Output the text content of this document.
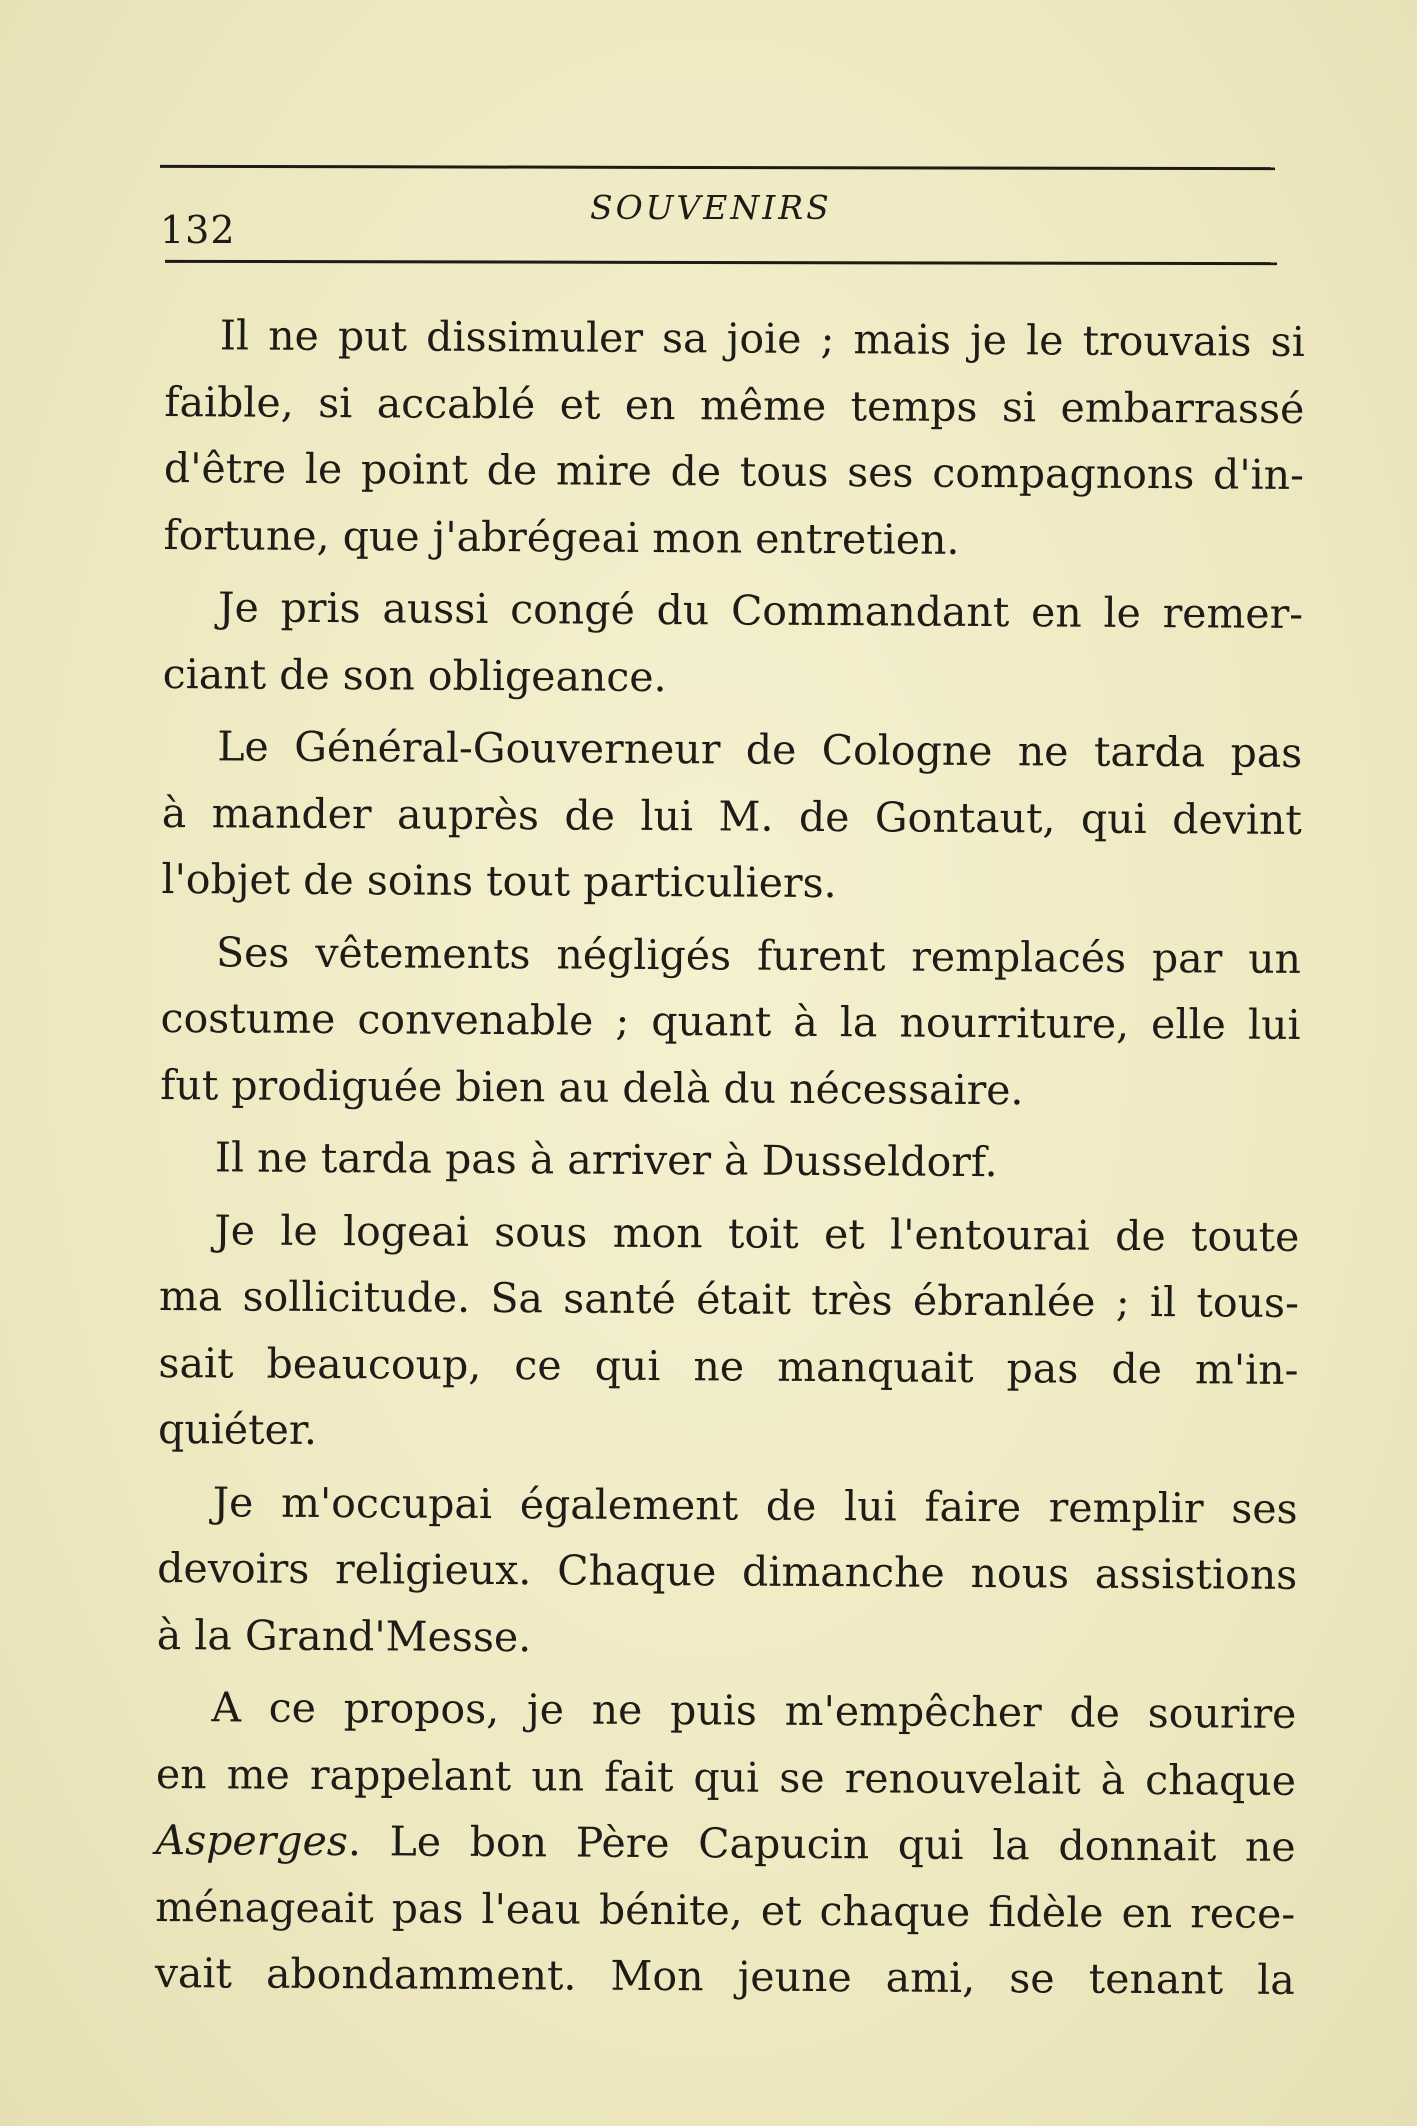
132
SOUVENIRS
Il ne put dissimuler sa joie ; mais je le trouvais si
faible, si accablé et en même temps si embarrassé
d'être le point de mire de tous ses compagnons d'in-
fortune, que j'abrégeai mon entretien.
Je pris aussi congé du Commandant en le remer-
ciant de son obligeance.
Le Général-Gouverneur de Cologne ne tarda pas
à mander auprès de lui M. de Gontaut, qui devint
l'objet de soins tout particuliers.
Ses vêtements négligés furent remplacés par un
costume convenable ; quant à la nourriture, elle lui
fut prodiguée bien au delà du nécessaire.
Il ne tarda pas à arriver à Dusseldorf.
Je le logeai sous mon toit et l'entourai de toute
ma sollicitude. Sa santé était très ébranlée ; il tous-
sait beaucoup, ce qui ne manquait pas de m'in-
quiéter.
Je m'occupai également de lui faire remplir ses
devoirs religieux. Chaque dimanche nous assistions
à la Grand'Messe.
A ce propos, je ne puis m'empêcher de sourire
en me rappelant un fait qui se renouvelait à chaque
Asperges. Le bon Père Capucin qui la donnait ne
ménageait pas l'eau bénite, et chaque fidèle en rece-
vait abondamment. Mon jeune ami, se tenant la
